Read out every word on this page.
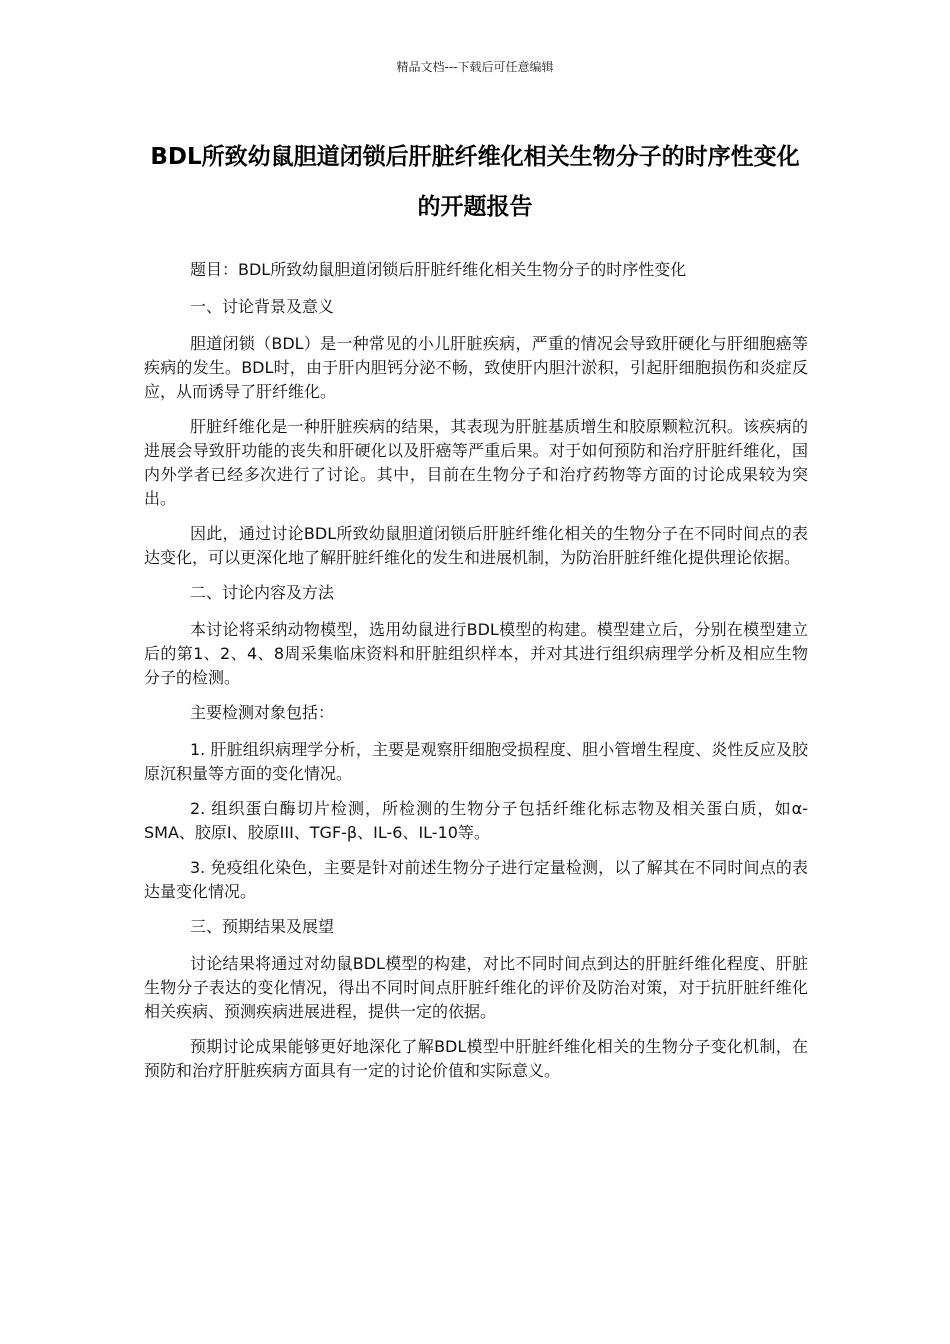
精品文档---下载后可任意编辑
BDL所致幼鼠胆道闭锁后肝脏纤维化相关生物分子的时序性变化的开题报告

题目：BDL所致幼鼠胆道闭锁后肝脏纤维化相关生物分子的时序性变化

一、讨论背景及意义

胆道闭锁（BDL）是一种常见的小儿肝脏疾病，严重的情况会导致肝硬化与肝细胞癌等疾病的发生。BDL时，由于肝内胆钙分泌不畅，致使肝内胆汁淤积，引起肝细胞损伤和炎症反应，从而诱导了肝纤维化。

肝脏纤维化是一种肝脏疾病的结果，其表现为肝脏基质增生和胶原颗粒沉积。该疾病的进展会导致肝功能的丧失和肝硬化以及肝癌等严重后果。对于如何预防和治疗肝脏纤维化，国内外学者已经多次进行了讨论。其中，目前在生物分子和治疗药物等方面的讨论成果较为突出。

因此，通过讨论BDL所致幼鼠胆道闭锁后肝脏纤维化相关的生物分子在不同时间点的表达变化，可以更深化地了解肝脏纤维化的发生和进展机制，为防治肝脏纤维化提供理论依据。

二、讨论内容及方法

本讨论将采纳动物模型，选用幼鼠进行BDL模型的构建。模型建立后，分别在模型建立后的第1、2、4、8周采集临床资料和肝脏组织样本，并对其进行组织病理学分析及相应生物分子的检测。

主要检测对象包括：

1. 肝脏组织病理学分析，主要是观察肝细胞受损程度、胆小管增生程度、炎性反应及胶原沉积量等方面的变化情况。

2. 组织蛋白酶切片检测，所检测的生物分子包括纤维化标志物及相关蛋白质，如α-SMA、胶原I、胶原III、TGF-β、IL-6、IL-10等。

3. 免疫组化染色，主要是针对前述生物分子进行定量检测，以了解其在不同时间点的表达量变化情况。

三、预期结果及展望

讨论结果将通过对幼鼠BDL模型的构建，对比不同时间点到达的肝脏纤维化程度、肝脏生物分子表达的变化情况，得出不同时间点肝脏纤维化的评价及防治对策，对于抗肝脏纤维化相关疾病、预测疾病进展进程，提供一定的依据。

预期讨论成果能够更好地深化了解BDL模型中肝脏纤维化相关的生物分子变化机制，在预防和治疗肝脏疾病方面具有一定的讨论价值和实际意义。
